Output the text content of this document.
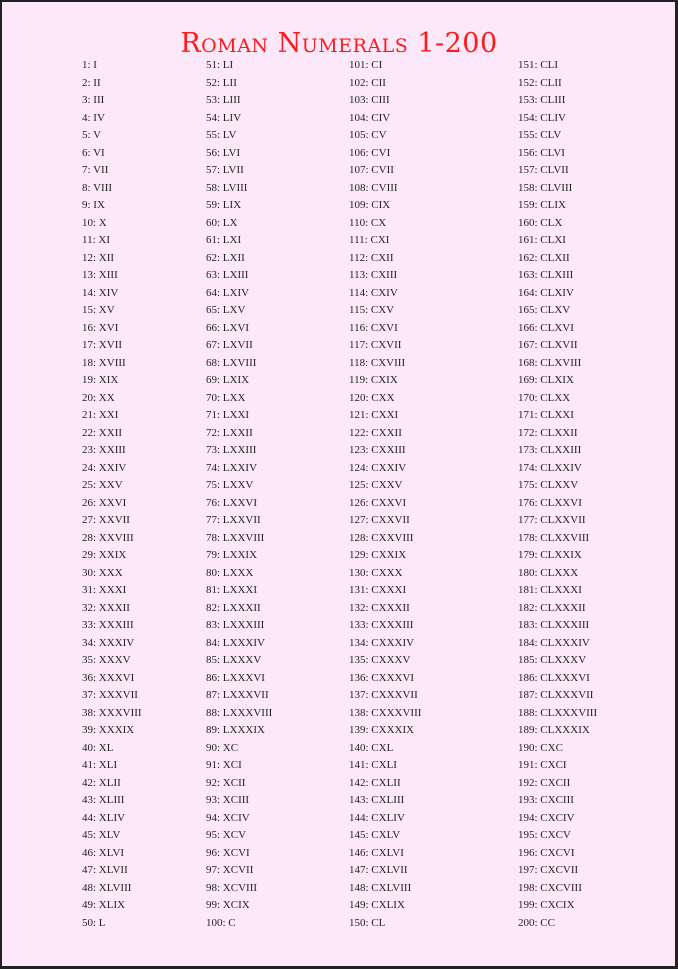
Roman Numerals 1-200
1: I
2: II
3: III
4: IV
5: V
6: VI
7: VII
8: VIII
9: IX
10: X
11: XI
12: XII
13: XIII
14: XIV
15: XV
16: XVI
17: XVII
18: XVIII
19: XIX
20: XX
21: XXI
22: XXII
23: XXIII
24: XXIV
25: XXV
26: XXVI
27: XXVII
28: XXVIII
29: XXIX
30: XXX
31: XXXI
32: XXXII
33: XXXIII
34: XXXIV
35: XXXV
36: XXXVI
37: XXXVII
38: XXXVIII
39: XXXIX
40: XL
41: XLI
42: XLII
43: XLIII
44: XLIV
45: XLV
46: XLVI
47: XLVII
48: XLVIII
49: XLIX
50: L
51: LI
52: LII
53: LIII
54: LIV
55: LV
56: LVI
57: LVII
58: LVIII
59: LIX
60: LX
61: LXI
62: LXII
63: LXIII
64: LXIV
65: LXV
66: LXVI
67: LXVII
68: LXVIII
69: LXIX
70: LXX
71: LXXI
72: LXXII
73: LXXIII
74: LXXIV
75: LXXV
76: LXXVI
77: LXXVII
78: LXXVIII
79: LXXIX
80: LXXX
81: LXXXI
82: LXXXII
83: LXXXIII
84: LXXXIV
85: LXXXV
86: LXXXVI
87: LXXXVII
88: LXXXVIII
89: LXXXIX
90: XC
91: XCI
92: XCII
93: XCIII
94: XCIV
95: XCV
96: XCVI
97: XCVII
98: XCVIII
99: XCIX
100: C
101: CI
102: CII
103: CIII
104: CIV
105: CV
106: CVI
107: CVII
108: CVIII
109: CIX
110: CX
111: CXI
112: CXII
113: CXIII
114: CXIV
115: CXV
116: CXVI
117: CXVII
118: CXVIII
119: CXIX
120: CXX
121: CXXI
122: CXXII
123: CXXIII
124: CXXIV
125: CXXV
126: CXXVI
127: CXXVII
128: CXXVIII
129: CXXIX
130: CXXX
131: CXXXI
132: CXXXII
133: CXXXIII
134: CXXXIV
135: CXXXV
136: CXXXVI
137: CXXXVII
138: CXXXVIII
139: CXXXIX
140: CXL
141: CXLI
142: CXLII
143: CXLIII
144: CXLIV
145: CXLV
146: CXLVI
147: CXLVII
148: CXLVIII
149: CXLIX
150: CL
151: CLI
152: CLII
153: CLIII
154: CLIV
155: CLV
156: CLVI
157: CLVII
158: CLVIII
159: CLIX
160: CLX
161: CLXI
162: CLXII
163: CLXIII
164: CLXIV
165: CLXV
166: CLXVI
167: CLXVII
168: CLXVIII
169: CLXIX
170: CLXX
171: CLXXI
172: CLXXII
173: CLXXIII
174: CLXXIV
175: CLXXV
176: CLXXVI
177: CLXXVII
178: CLXXVIII
179: CLXXIX
180: CLXXX
181: CLXXXI
182: CLXXXII
183: CLXXXIII
184: CLXXXIV
185: CLXXXV
186: CLXXXVI
187: CLXXXVII
188: CLXXXVIII
189: CLXXXIX
190: CXC
191: CXCI
192: CXCII
193: CXCIII
194: CXCIV
195: CXCV
196: CXCVI
197: CXCVII
198: CXCVIII
199: CXCIX
200: CC
